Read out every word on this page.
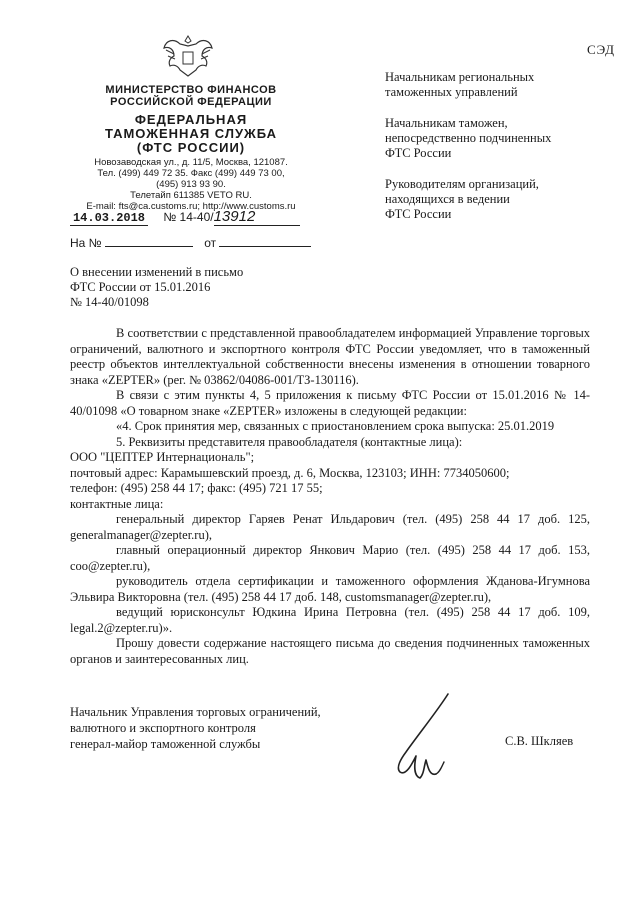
СЭД
МИНИСТЕРСТВО ФИНАНСОВ
РОССИЙСКОЙ ФЕДЕРАЦИИ
ФЕДЕРАЛЬНАЯ
ТАМОЖЕННАЯ СЛУЖБА
(ФТС РОССИИ)
Новозаводская ул., д. 11/5, Москва, 121087.
Тел. (499) 449 72 35. Факс (499) 449 73 00,
(495) 913 93 90.
Телетайп 611385 VETO RU.
E-mail: fts@ca.customs.ru; http://www.customs.ru
14.03.2018 № 14-40/13912
На №	от
Начальникам региональных
таможенных управлений
Начальникам таможен,
непосредственно подчиненных
ФТС России
Руководителям организаций,
находящихся в ведении
ФТС России
О внесении изменений в письмо
ФТС России от 15.01.2016
№ 14-40/01098

В соответствии с представленной правообладателем информацией Управление торговых ограничений, валютного и экспортного контроля ФТС России уведомляет, что в таможенный реестр объектов интеллектуальной собственности внесены изменения в отношении товарного знака «ZEPTER» (рег. № 03862/04086-001/ТЗ-130116).

В связи с этим пункты 4, 5 приложения к письму ФТС России от 15.01.2016 № 14-40/01098 «О товарном знаке «ZEPTER» изложены в следующей редакции:

«4. Срок принятия мер, связанных с приостановлением срока выпуска: 25.01.2019

5. Реквизиты представителя правообладателя (контактные лица):

ООО "ЦЕПТЕР Интернациональ";

почтовый адрес: Карамышевский проезд, д. 6, Москва, 123103; ИНН: 7734050600;

телефон: (495) 258 44 17; факс: (495) 721 17 55;

контактные лица:

генеральный директор Гаряев Ренат Ильдарович (тел. (495) 258 44 17 доб. 125, generalmanager@zepter.ru),

главный операционный директор Янкович Марио (тел. (495) 258 44 17 доб. 153, coo@zepter.ru),

руководитель отдела сертификации и таможенного оформления Жданова-Игумнова Эльвира Викторовна (тел. (495) 258 44 17 доб. 148, customsmanager@zepter.ru),

ведущий юрисконсульт Юдкина Ирина Петровна (тел. (495) 258 44 17 доб. 109, legal.2@zepter.ru)».

Прошу довести содержание настоящего письма до сведения подчиненных таможенных органов и заинтересованных лиц.

Начальник Управления торговых ограничений,
валютного и экспортного контроля
генерал-майор таможенной службы	С.В. Шкляев
